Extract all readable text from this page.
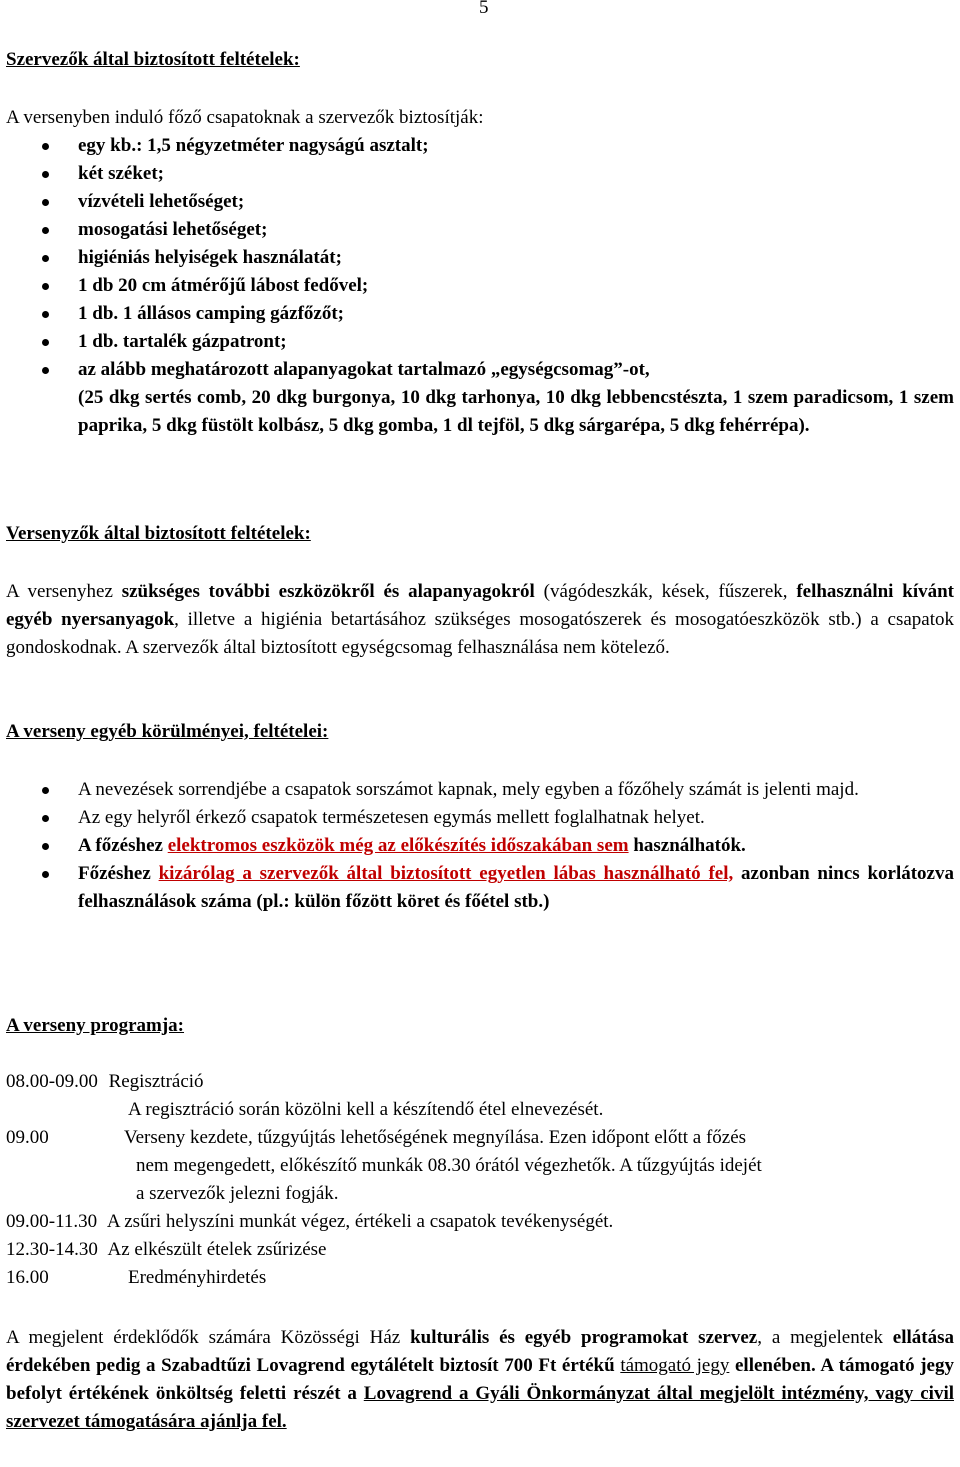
5
Szervezők által biztosított feltételek:
A versenyben induló főző csapatoknak a szervezők biztosítják:
egy kb.: 1,5 négyzetméter nagyságú asztalt;
két széket;
vízvételi lehetőséget;
mosogatási lehetőséget;
higiéniás helyiségek használatát;
1 db 20 cm átmérőjű lábost fedővel;
1 db. 1 állásos camping gázfőzőt;
1 db. tartalék gázpatront;
az alább meghatározott alapanyagokat tartalmazó „egységcsomag”-ot,
(25 dkg sertés comb, 20 dkg burgonya, 10 dkg tarhonya, 10 dkg lebbencstészta, 1 szem paradicsom, 1 szem paprika, 5 dkg füstölt kolbász, 5 dkg gomba, 1 dl tejföl, 5 dkg sárgarépa, 5 dkg fehérrépa).
Versenyzők által biztosított feltételek:
A versenyhez szükséges további eszközökről és alapanyagokról (vágódeszkák, kések, fűszerek, felhasználni kívánt egyéb nyersanyagok, illetve a higiénia betartásához szükséges mosogatószerek és mosogatóeszközök stb.) a csapatok gondoskodnak. A szervezők által biztosított egységcsomag felhasználása nem kötelező.
A verseny egyéb körülményei, feltételei:
A nevezések sorrendjébe a csapatok sorszámot kapnak, mely egyben a főzőhely számát is jelenti majd.
Az egy helyről érkező csapatok természetesen egymás mellett foglalhatnak helyet.
A főzéshez elektromos eszközök még az előkészítés időszakában sem használhatók.
Főzéshez kizárólag a szervezők által biztosított egyetlen lábas használható fel, azonban nincs korlátozva felhasználások száma (pl.: külön főzött köret és főétel stb.)
A verseny programja:
08.00-09.00 Regisztráció
A regisztráció során közölni kell a készítendő étel elnevezését.
09.00	Verseny kezdete, tűzgyújtás lehetőségének megnyílása. Ezen időpont előtt a főzés
nem megengedett, előkészítő munkák 08.30 órától végezhetők. A tűzgyújtás idejét
a szervezők jelezni fogják.
09.00-11.30 A zsűri helyszíni munkát végez, értékeli a csapatok tevékenységét.
12.30-14.30 Az elkészült ételek zsűrizése
16.00	Eredményhirdetés
A megjelent érdeklődők számára Közösségi Ház kulturális és egyéb programokat szervez, a megjelentek ellátása érdekében pedig a Szabadtűzi Lovagrend egytálételt biztosít 700 Ft értékű támogató jegy ellenében. A támogató jegy befolyt értékének önköltség feletti részét a Lovagrend a Gyáli Önkormányzat által megjelölt intézmény, vagy civil szervezet támogatására ajánlja fel.
